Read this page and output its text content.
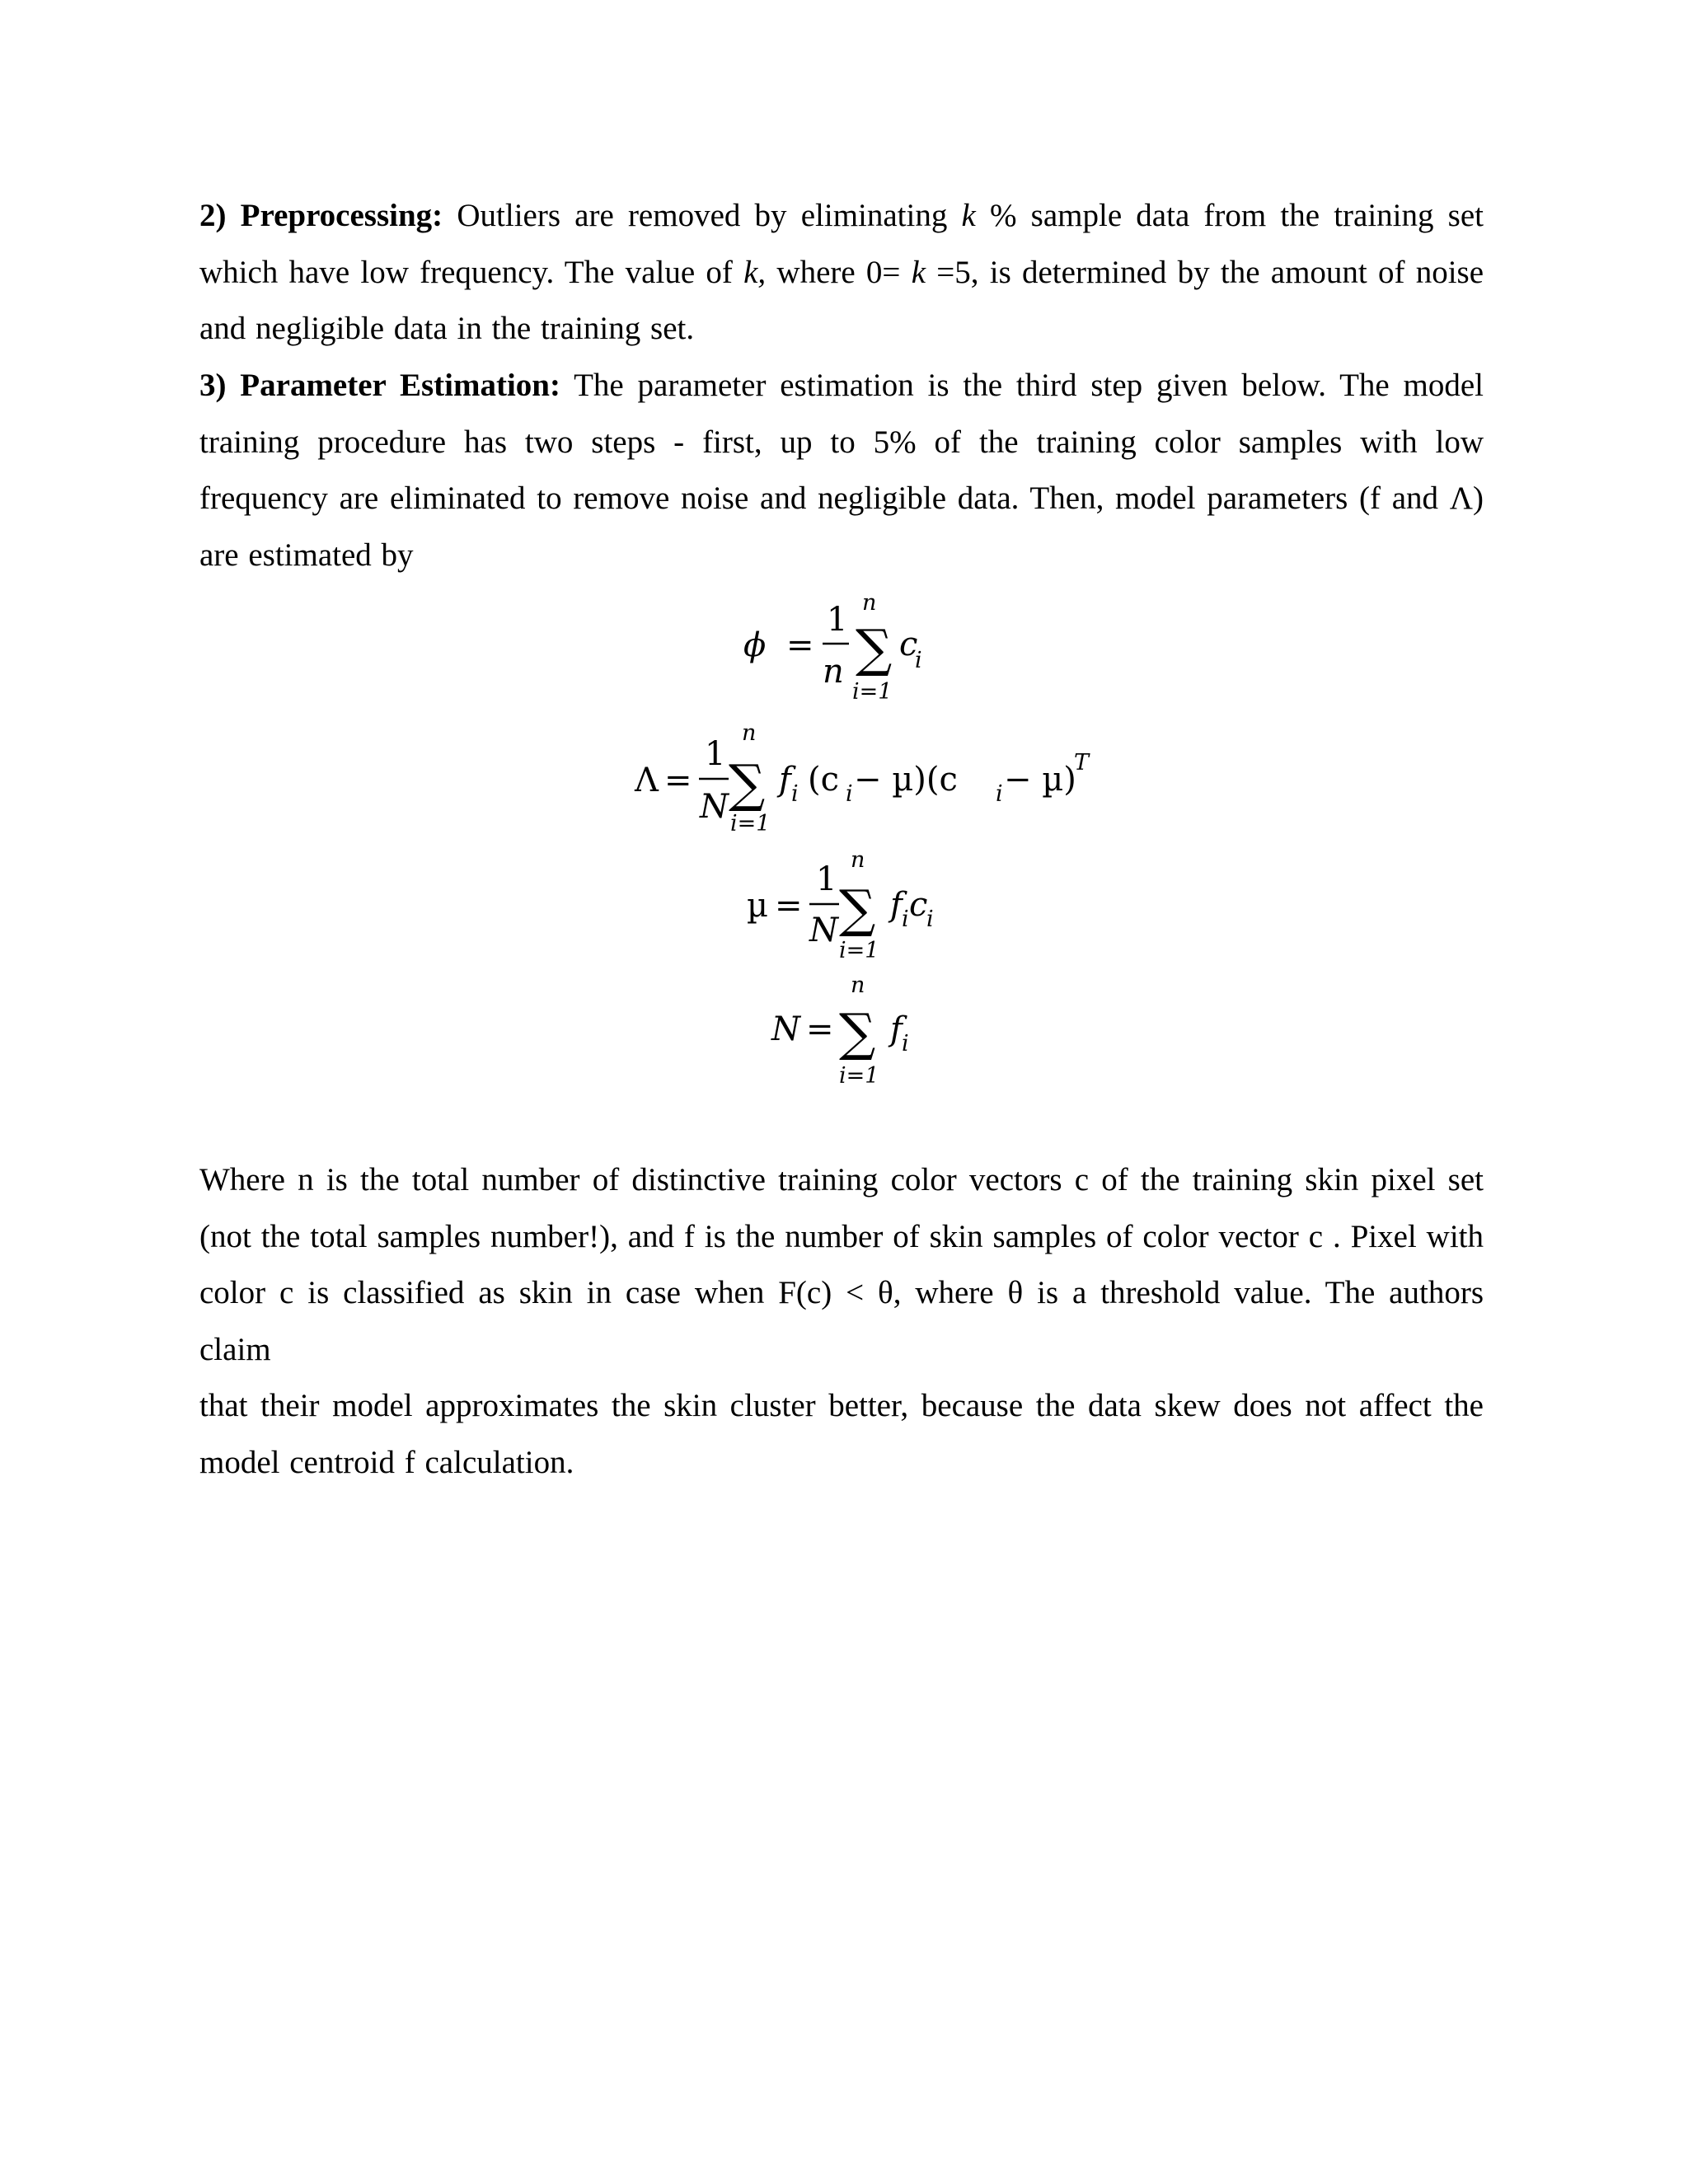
2) Preprocessing: Outliers are removed by eliminating k % sample data from the training set
which have low frequency. The value of k, where 0= k =5, is determined by the amount of noise
and negligible data in the training set.
3) Parameter Estimation: The parameter estimation is the third step given below. The model
training procedure has two steps - first, up to 5% of the training color samples with low
frequency are eliminated to remove noise and negligible data. Then, model parameters (f and Λ)
are estimated by
ϕ =
1
n ∑
n
i=1
c
i
Λ =
1
N ∑
n
i=1
f i (c i − µ)(c i − µ)
T
µ =
1
N ∑
n
i=1
f i c
i
N = ∑
n
i=1
f i
Where n is the total number of distinctive training color vectors c of the training skin pixel set
(not the total samples number!), and f is the number of skin samples of color vector c . Pixel with
color c is classified as skin in case when F(c) < θ, where θ is a threshold value. The authors claim
that their model approximates the skin cluster better, because the data skew does not affect the
model centroid f calculation.
